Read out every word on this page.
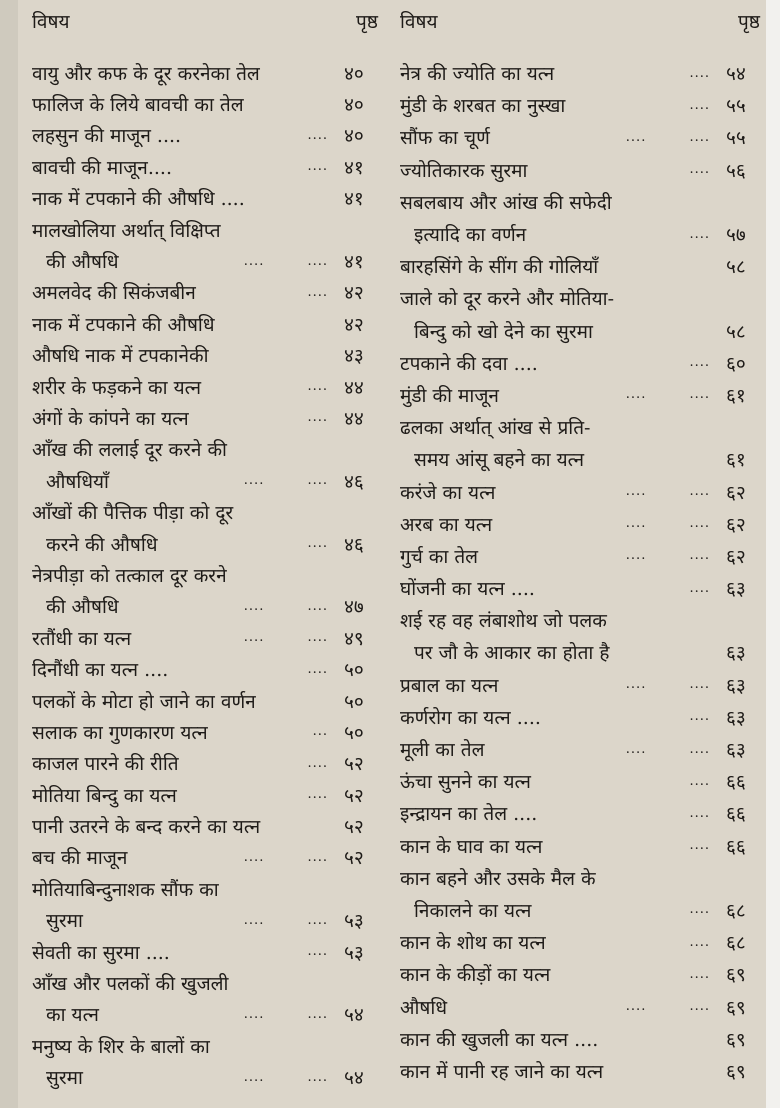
विषय	पृष्ठ
वायु और कफ के दूर करनेका तेल	४०
फालिज के लिये बावची का तेल	४०
लहसुन की माजून ....	.... ४०
बावची की माजून....	.... ४१
नाक में टपकाने की औषधि ....	४१
मालखोलिया अर्थात् विक्षिप्त
की औषधि	.... .... ४१
अमलवेद की सिकंजबीन	.... ४२
नाक में टपकाने की औषधि	४२
औषधि नाक में टपकानेकी	४३
शरीर के फड़कने का यत्न	.... ४४
अंगों के कांपने का यत्न	.... ४४
आँख की ललाई दूर करने की
औषधियाँ	.... .... ४६
आँखों की पैत्तिक पीड़ा को दूर
करने की औषधि	.... ४६
नेत्रपीड़ा को तत्काल दूर करने
की औषधि	.... .... ४७
रतौंधी का यत्न	.... .... ४९
दिनौंधी का यत्न ....	.... ५०
पलकों के मोटा हो जाने का वर्णन	५०
सलाक का गुणकारण यत्न	... ५०
काजल पारने की रीति	.... ५२
मोतिया बिन्दु का यत्न	.... ५२
पानी उतरने के बन्द करने का यत्न	५२
बच की माजून	.... .... ५२
मोतियाबिन्दुनाशक सौंफ का
सुरमा	.... .... ५३
सेवती का सुरमा ....	.... ५३
आँख और पलकों की खुजली
का यत्न	.... .... ५४
मनुष्य के शिर के बालों का
सुरमा	.... .... ५४
विषय	पृष्ठ
नेत्र की ज्योति का यत्न	.... ५४
मुंडी के शरबत का नुस्खा	.... ५५
सौंफ का चूर्ण	.... .... ५५
ज्योतिकारक सुरमा	.... ५६
सबलबाय और आंख की सफेदी
इत्यादि का वर्णन	.... ५७
बारहसिंगे के सींग की गोलियाँ	५८
जाले को दूर करने और मोतिया-
बिन्दु को खो देने का सुरमा	५८
टपकाने की दवा ....	.... ६०
मुंडी की माजून	.... .... ६१
ढलका अर्थात् आंख से प्रति-
समय आंसू बहने का यत्न	६१
करंजे का यत्न	.... .... ६२
अरब का यत्न	.... .... ६२
गुर्च का तेल	.... .... ६२
घोंजनी का यत्न ....	.... ६३
शई रह वह लंबाशोथ जो पलक
पर जौ के आकार का होता है	६३
प्रबाल का यत्न	.... .... ६३
कर्णरोग का यत्न ....	.... ६३
मूली का तेल	.... .... ६३
ऊंचा सुनने का यत्न	.... ६६
इन्द्रायन का तेल ....	.... ६६
कान के घाव का यत्न	.... ६६
कान बहने और उसके मैल के
निकालने का यत्न	.... ६८
कान के शोथ का यत्न	.... ६८
कान के कीड़ों का यत्न	.... ६९
औषधि	.... .... ६९
कान की खुजली का यत्न ....	६९
कान में पानी रह जाने का यत्न	६९
